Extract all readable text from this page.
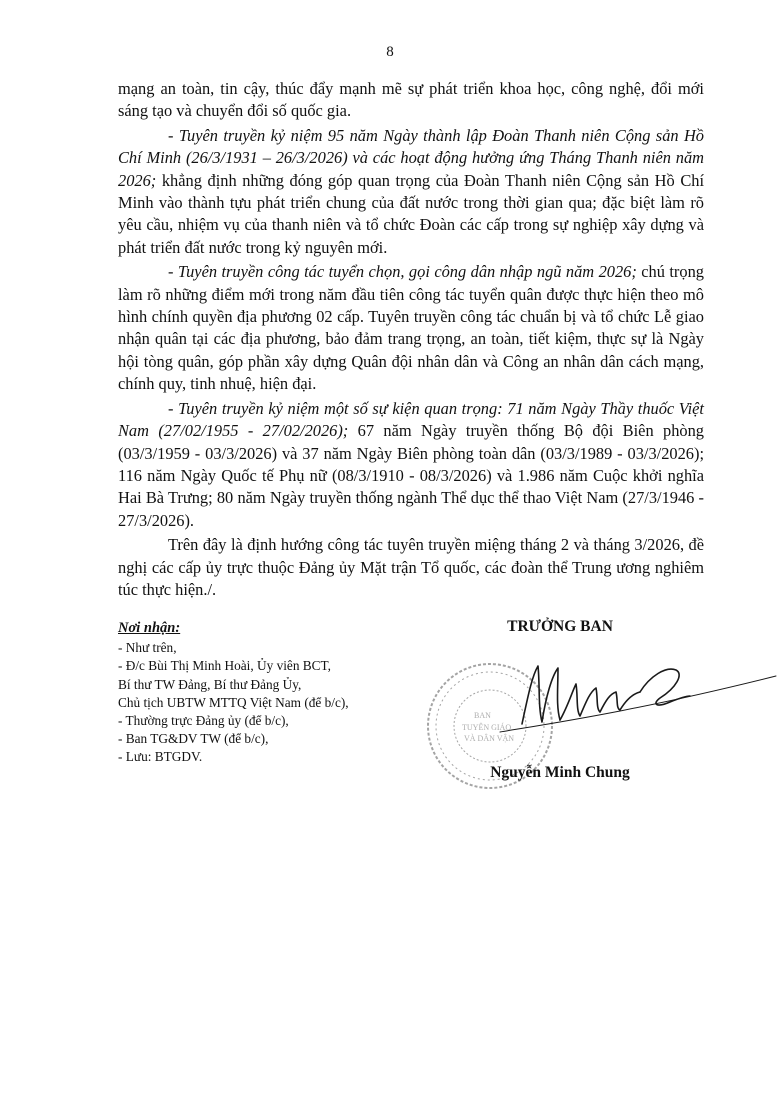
8

mạng an toàn, tin cậy, thúc đẩy mạnh mẽ sự phát triển khoa học, công nghệ, đổi mới sáng tạo và chuyển đổi số quốc gia.

- Tuyên truyền kỷ niệm 95 năm Ngày thành lập Đoàn Thanh niên Cộng sản Hồ Chí Minh (26/3/1931 – 26/3/2026) và các hoạt động hưởng ứng Tháng Thanh niên năm 2026; khẳng định những đóng góp quan trọng của Đoàn Thanh niên Cộng sản Hồ Chí Minh vào thành tựu phát triển chung của đất nước trong thời gian qua; đặc biệt làm rõ yêu cầu, nhiệm vụ của thanh niên và tổ chức Đoàn các cấp trong sự nghiệp xây dựng và phát triển đất nước trong kỷ nguyên mới.

- Tuyên truyền công tác tuyển chọn, gọi công dân nhập ngũ năm 2026; chú trọng làm rõ những điểm mới trong năm đầu tiên công tác tuyển quân được thực hiện theo mô hình chính quyền địa phương 02 cấp. Tuyên truyền công tác chuẩn bị và tổ chức Lễ giao nhận quân tại các địa phương, bảo đảm trang trọng, an toàn, tiết kiệm, thực sự là Ngày hội tòng quân, góp phần xây dựng Quân đội nhân dân và Công an nhân dân cách mạng, chính quy, tinh nhuệ, hiện đại.

- Tuyên truyền kỷ niệm một số sự kiện quan trọng: 71 năm Ngày Thầy thuốc Việt Nam (27/02/1955 - 27/02/2026); 67 năm Ngày truyền thống Bộ đội Biên phòng (03/3/1959 - 03/3/2026) và 37 năm Ngày Biên phòng toàn dân (03/3/1989 - 03/3/2026); 116 năm Ngày Quốc tế Phụ nữ (08/3/1910 - 08/3/2026) và 1.986 năm Cuộc khởi nghĩa Hai Bà Trưng; 80 năm Ngày truyền thống ngành Thể dục thể thao Việt Nam (27/3/1946 - 27/3/2026).

Trên đây là định hướng công tác tuyên truyền miệng tháng 2 và tháng 3/2026, đề nghị các cấp ủy trực thuộc Đảng ủy Mặt trận Tổ quốc, các đoàn thể Trung ương nghiêm túc thực hiện./.

Nơi nhận:
- Như trên,
- Đ/c Bùi Thị Minh Hoài, Ủy viên BCT,
Bí thư TW Đảng, Bí thư Đảng Ủy,
Chủ tịch UBTW MTTQ Việt Nam (để b/c),
- Thường trực Đảng ủy (để b/c),
- Ban TG&DV TW (để b/c),
- Lưu: BTGDV.
TRƯỞNG BAN
BAN
TUYÊN GIÁO
VÀ DÂN VẬN
Nguyễn Minh Chung
